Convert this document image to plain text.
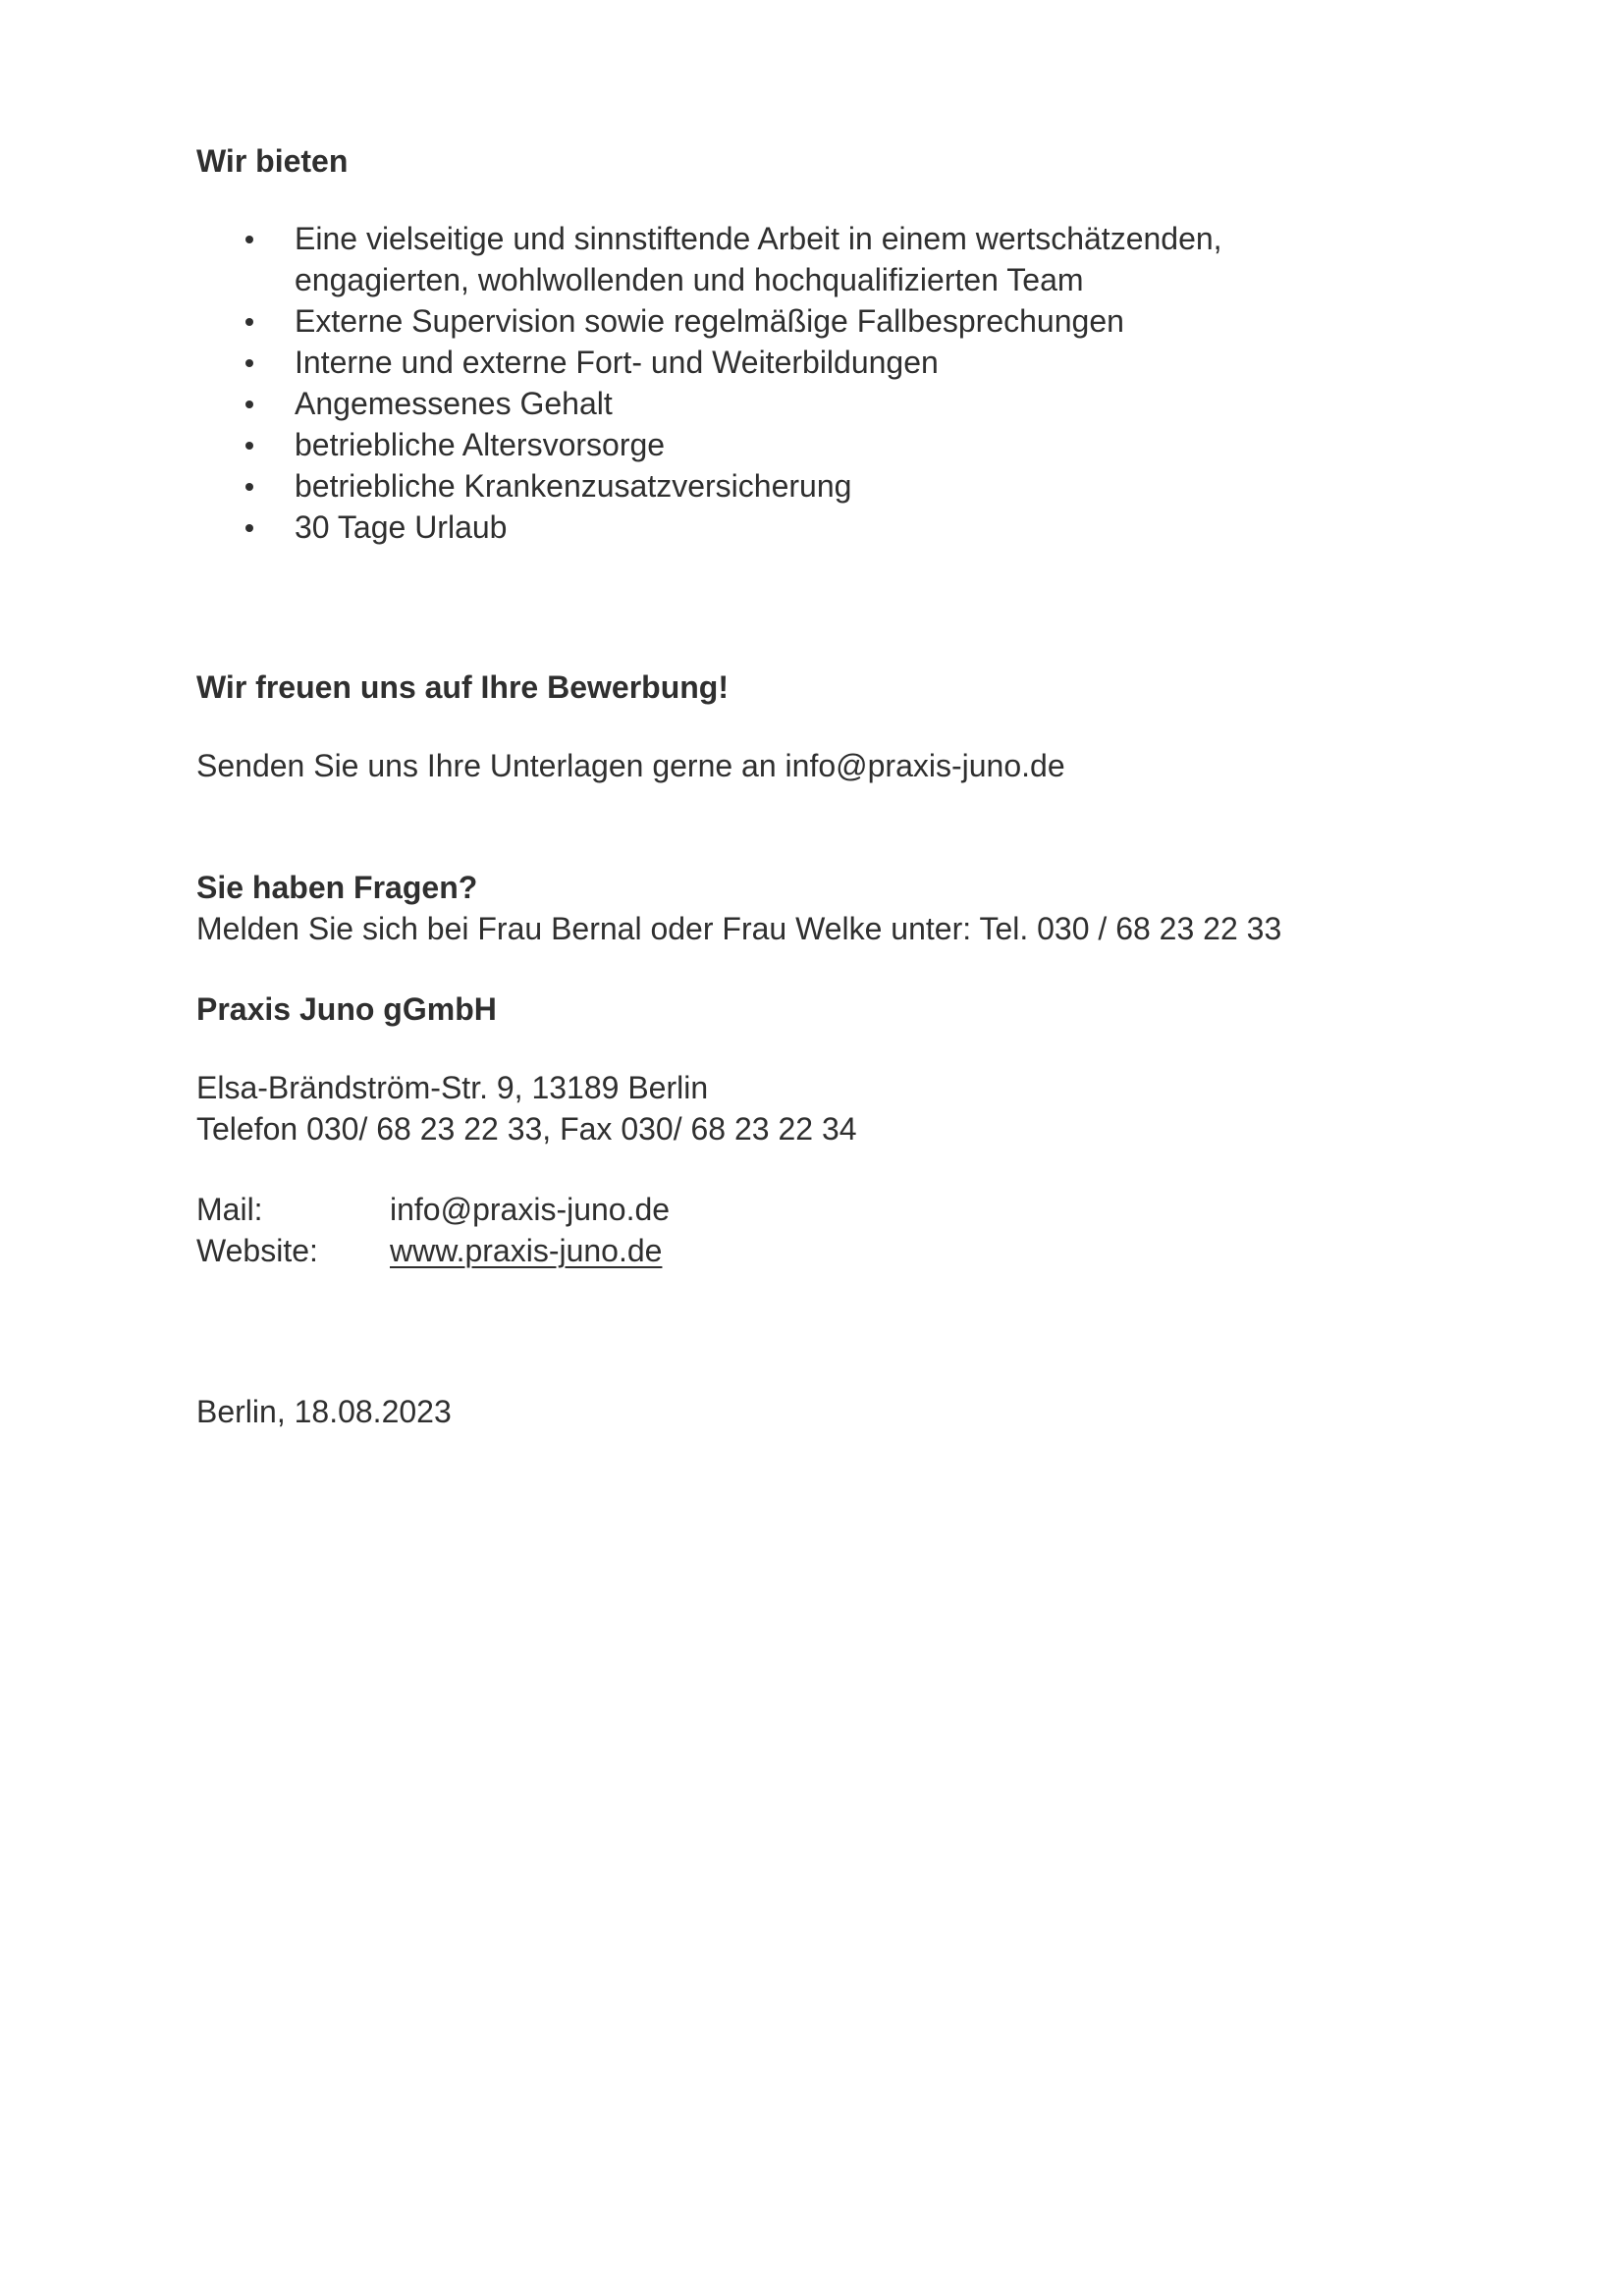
Wir bieten

Eine vielseitige und sinnstiftende Arbeit in einem wertschätzenden,

engagierten, wohlwollenden und hochqualifizierten Team

Externe Supervision sowie regelmäßige Fallbesprechungen

Interne und externe Fort- und Weiterbildungen

Angemessenes Gehalt

betriebliche Altersvorsorge

betriebliche Krankenzusatzversicherung

30 Tage Urlaub

Wir freuen uns auf Ihre Bewerbung!

Senden Sie uns Ihre Unterlagen gerne an info@praxis-juno.de

Sie haben Fragen?

Melden Sie sich bei Frau Bernal oder Frau Welke unter: Tel. 030 / 68 23 22 33

Praxis Juno gGmbH

Elsa-Brändström-Str. 9, 13189 Berlin

Telefon 030/ 68 23 22 33, Fax 030/ 68 23 22 34

Mail:	info@praxis-juno.de

Website: www.praxis-juno.de

Berlin, 18.08.2023
